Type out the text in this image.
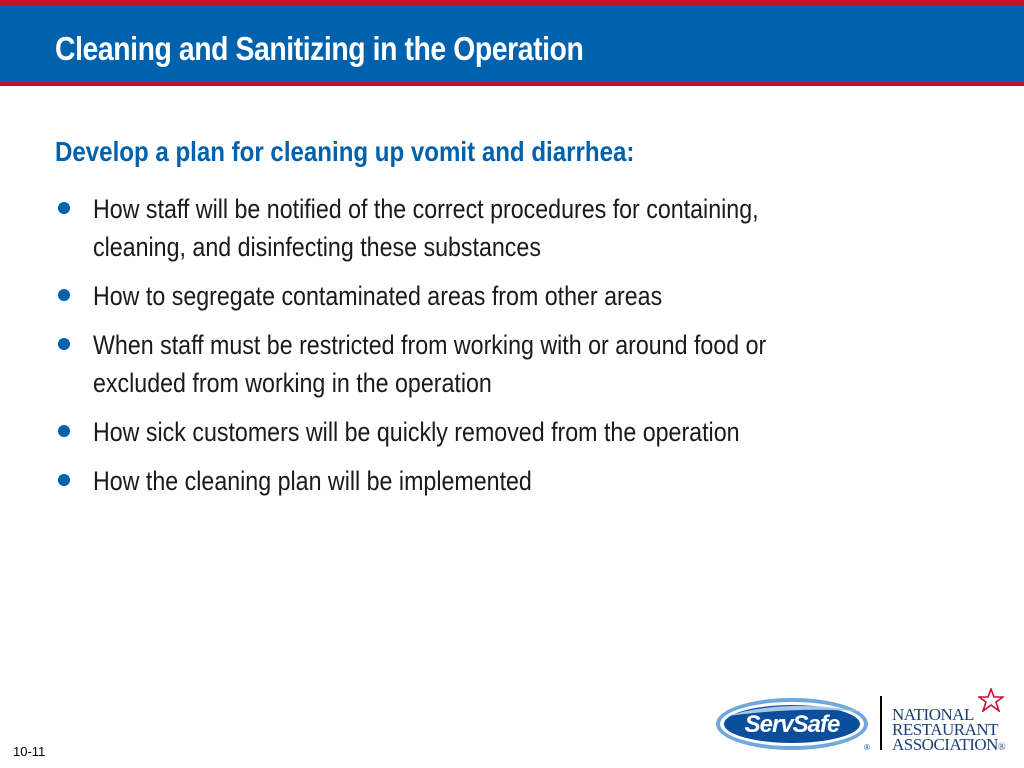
Cleaning and Sanitizing in the Operation
Develop a plan for cleaning up vomit and diarrhea:
How staff will be notified of the correct procedures for containing,
cleaning, and disinfecting these substances
How to segregate contaminated areas from other areas
When staff must be restricted from working with or around food or
excluded from working in the operation
How sick customers will be quickly removed from the operation
How the cleaning plan will be implemented
10-11
ServSafe
®
NATIONAL
RESTAURANT
ASSOCIATION®
